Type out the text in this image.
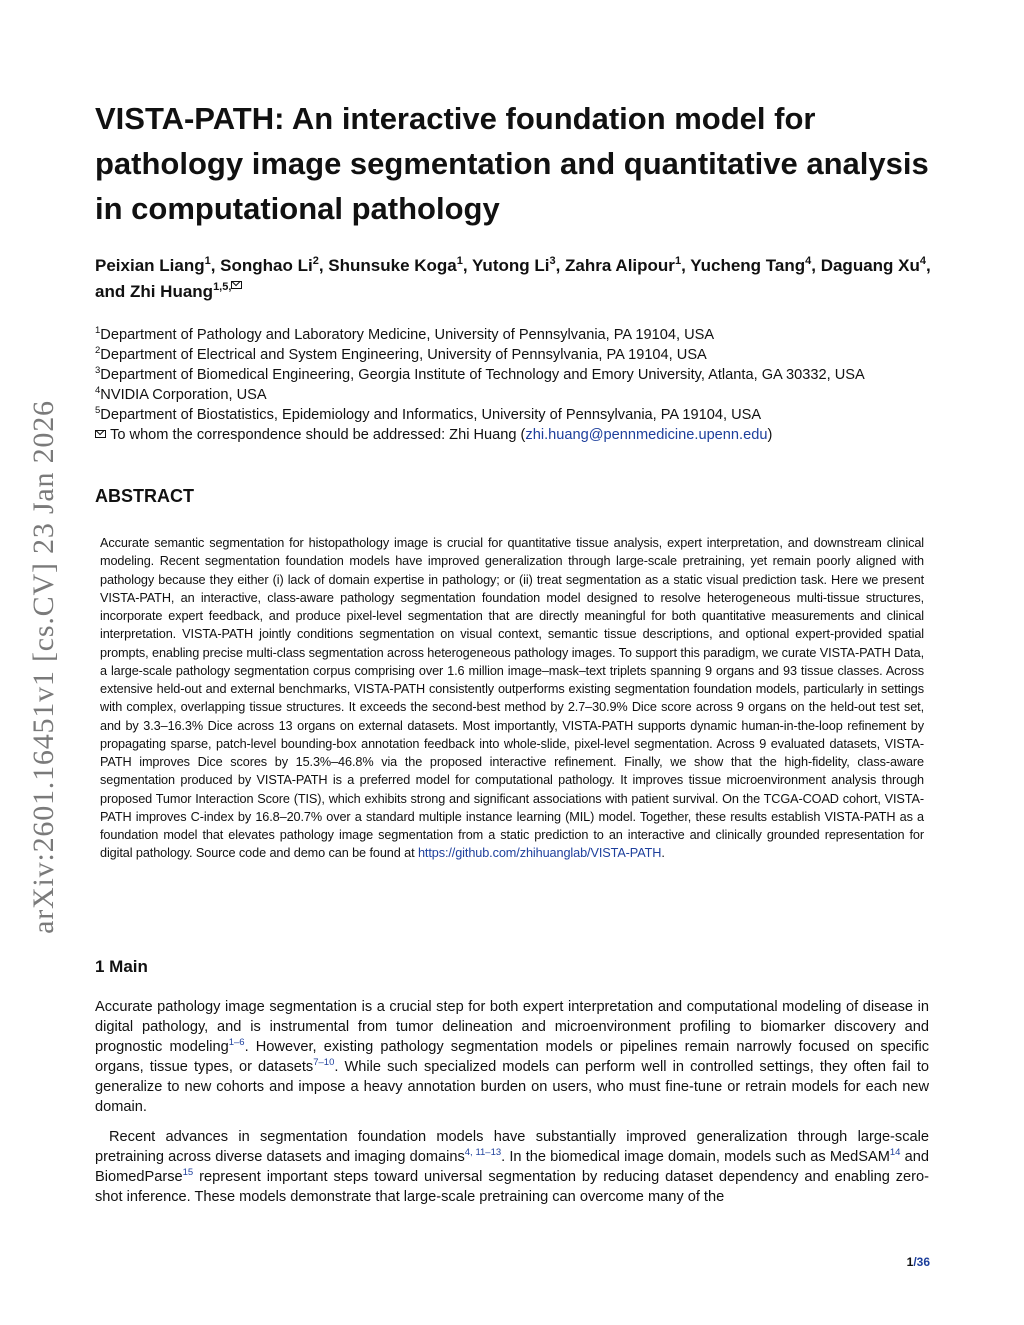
arXiv:2601.16451v1 [cs.CV] 23 Jan 2026
VISTA-PATH: An interactive foundation model for pathology image segmentation and quantitative analysis in computational pathology
Peixian Liang$^1$, Songhao Li$^2$, Shunsuke Koga$^1$, Yutong Li$^3$, Zahra Alipour$^1$, Yucheng Tang$^4$, Daguang Xu$^4$, and Zhi Huang$^{1,5,}$
$^1$Department of Pathology and Laboratory Medicine, University of Pennsylvania, PA 19104, USA
$^2$Department of Electrical and System Engineering, University of Pennsylvania, PA 19104, USA
$^3$Department of Biomedical Engineering, Georgia Institute of Technology and Emory University, Atlanta, GA 30332, USA
$^4$NVIDIA Corporation, USA
$^5$Department of Biostatistics, Epidemiology and Informatics, University of Pennsylvania, PA 19104, USA
To whom the correspondence should be addressed: Zhi Huang (zhi.huang@pennmedicine.upenn.edu)
ABSTRACT

Accurate semantic segmentation for histopathology image is crucial for quantitative tissue analysis, expert interpretation, and downstream clinical modeling. Recent segmentation foundation models have improved generalization through large-scale pretraining, yet remain poorly aligned with pathology because they either (i) lack of domain expertise in pathology; or (ii) treat segmentation as a static visual prediction task. Here we present VISTA-PATH, an interactive, class-aware pathology segmentation foundation model designed to resolve heterogeneous multi-tissue structures, incorporate expert feedback, and produce pixel-level segmentation that are directly meaningful for both quantitative measurements and clinical interpretation. VISTA-PATH jointly conditions segmentation on visual context, semantic tissue descriptions, and optional expert-provided spatial prompts, enabling precise multi-class segmentation across heterogeneous pathology images. To support this paradigm, we curate VISTA-PATH Data, a large-scale pathology segmentation corpus comprising over 1.6 million image–mask–text triplets spanning 9 organs and 93 tissue classes. Across extensive held-out and external benchmarks, VISTA-PATH consistently outperforms existing segmentation foundation models, particularly in settings with complex, overlapping tissue structures. It exceeds the second-best method by 2.7–30.9% Dice score across 9 organs on the held-out test set, and by 3.3–16.3% Dice across 13 organs on external datasets. Most importantly, VISTA-PATH supports dynamic human-in-the-loop refinement by propagating sparse, patch-level bounding-box annotation feedback into whole-slide, pixel-level segmentation. Across 9 evaluated datasets, VISTA-PATH improves Dice scores by 15.3%–46.8% via the proposed interactive refinement. Finally, we show that the high-fidelity, class-aware segmentation produced by VISTA-PATH is a preferred model for computational pathology. It improves tissue microenvironment analysis through proposed Tumor Interaction Score (TIS), which exhibits strong and significant associations with patient survival. On the TCGA-COAD cohort, VISTA-PATH improves C-index by 16.8–20.7% over a standard multiple instance learning (MIL) model. Together, these results establish VISTA-PATH as a foundation model that elevates pathology image segmentation from a static prediction to an interactive and clinically grounded representation for digital pathology. Source code and demo can be found at https://github.com/zhihuanglab/VISTA-PATH.

1 Main

Accurate pathology image segmentation is a crucial step for both expert interpretation and computational modeling of disease in digital pathology, and is instrumental from tumor delineation and microenvironment profiling to biomarker discovery and prognostic modeling$^{1-6}$. However, existing pathology segmentation models or pipelines remain narrowly focused on specific organs, tissue types, or datasets$^{7-10}$. While such specialized models can perform well in controlled settings, they often fail to generalize to new cohorts and impose a heavy annotation burden on users, who must fine-tune or retrain models for each new domain.

Recent advances in segmentation foundation models have substantially improved generalization through large-scale pretraining across diverse datasets and imaging domains$^{4, 11-13}$. In the biomedical image domain, models such as MedSAM$^{14}$ and BiomedParse$^{15}$ represent important steps toward universal segmentation by reducing dataset dependency and enabling zero-shot inference. These models demonstrate that large-scale pretraining can overcome many of the

1/36
